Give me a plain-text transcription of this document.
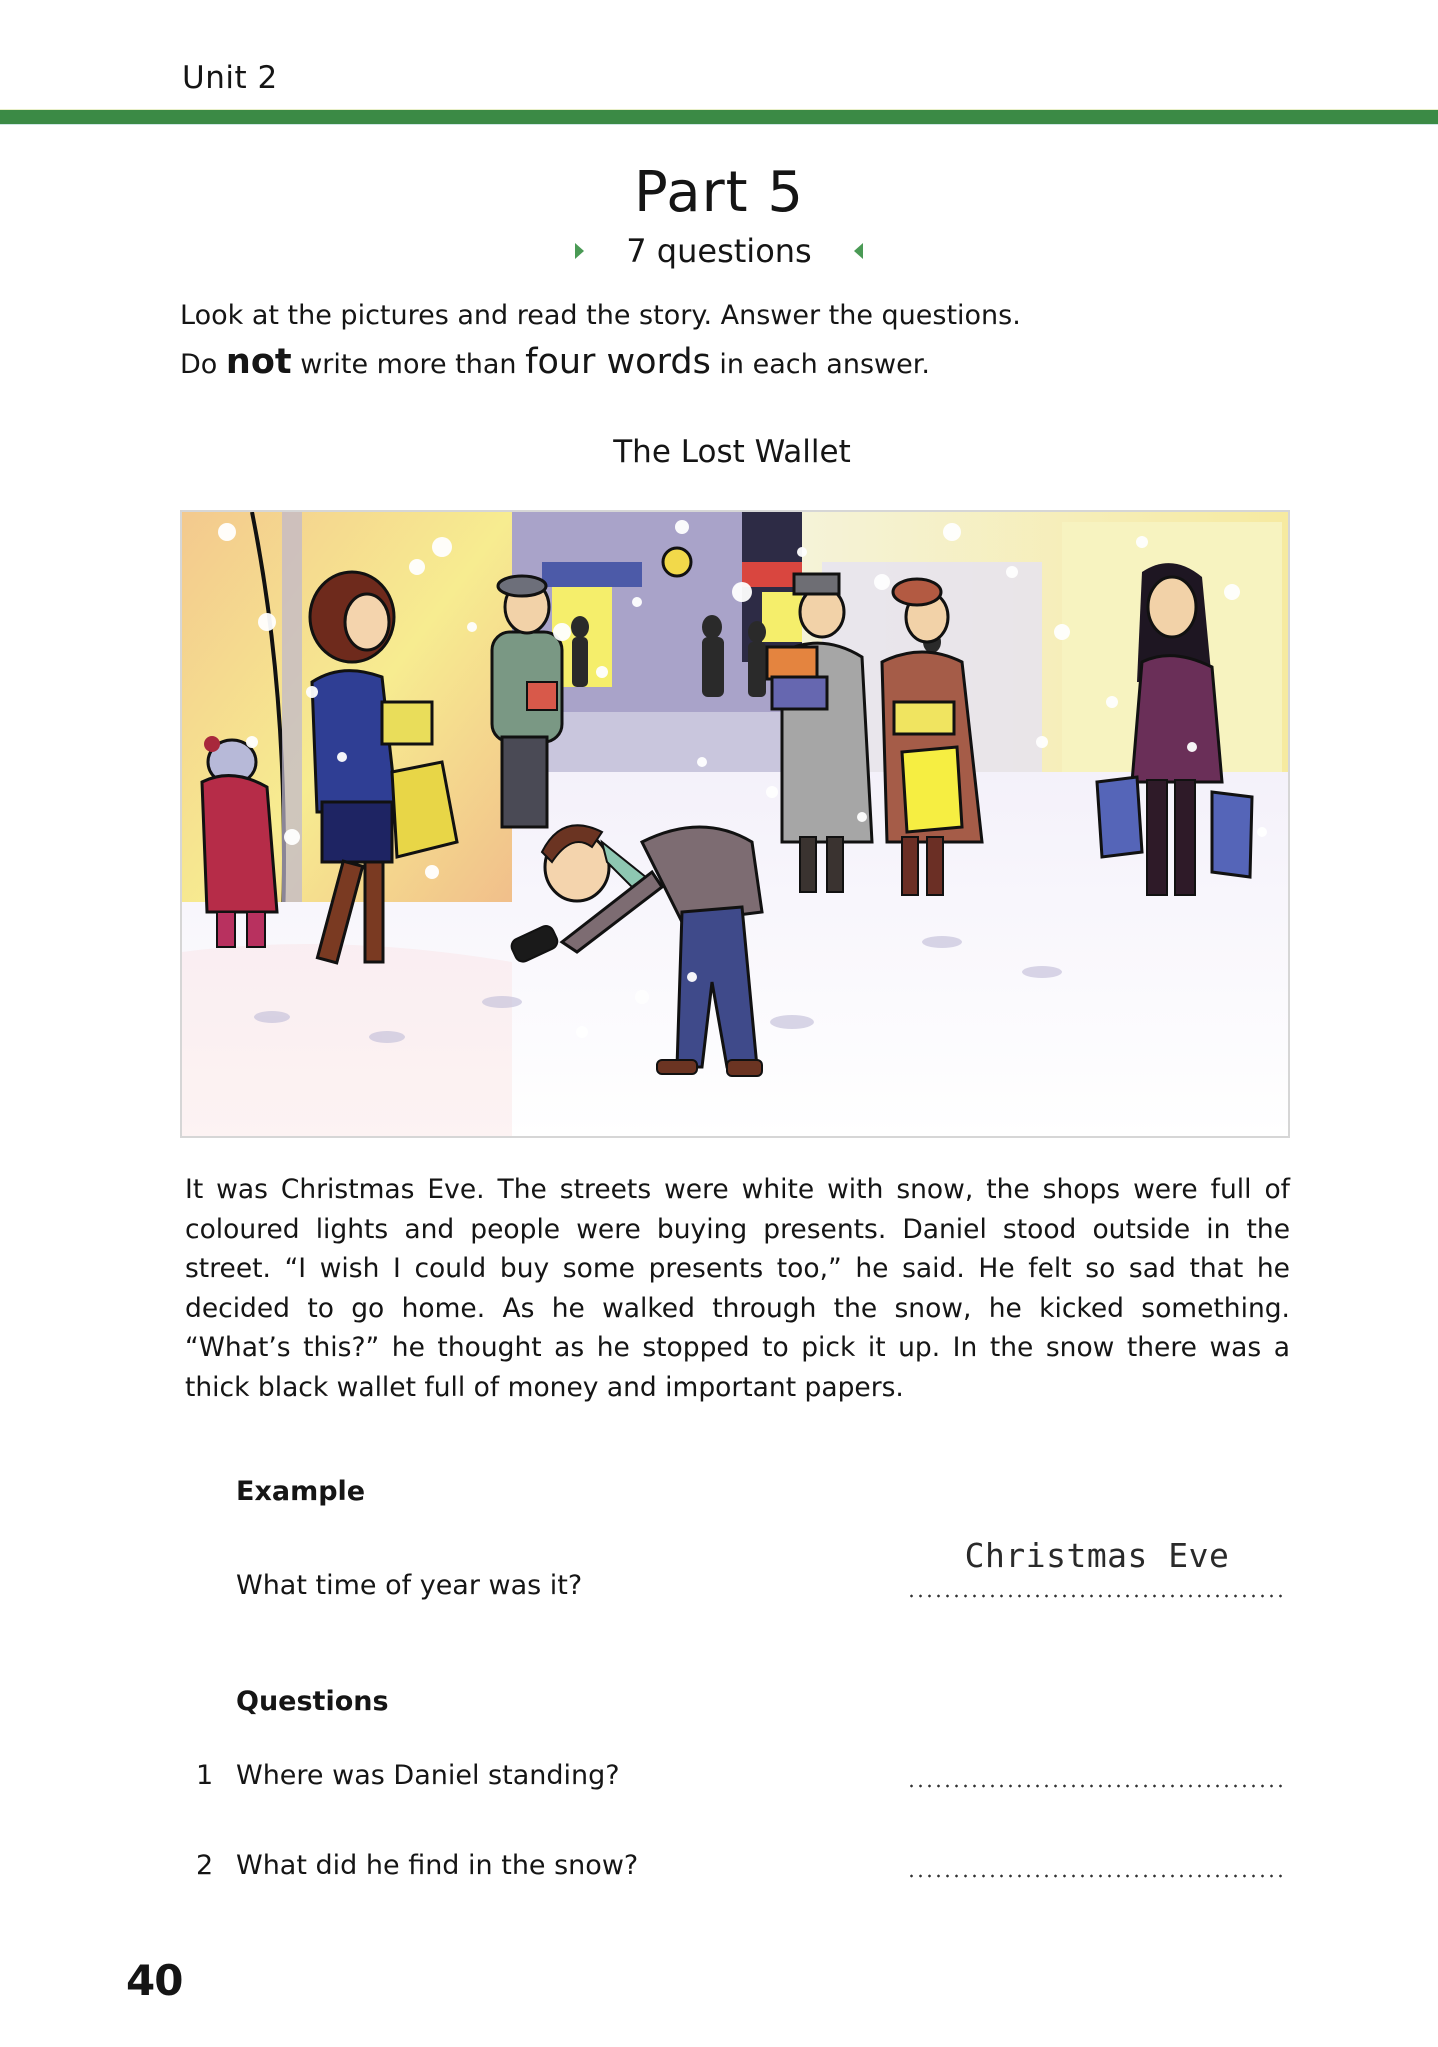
Unit 2
Part 5
7 questions
Look at the pictures and read the story. Answer the questions.
Do not write more than four words in each answer.
The Lost Wallet
It was Christmas Eve. The streets were white with snow, the shops were full of coloured lights and people were buying presents. Daniel stood outside in the street. “I wish I could buy some presents too,” he said. He felt so sad that he decided to go home. As he walked through the snow, he kicked something. “What’s this?” he thought as he stopped to pick it up. In the snow there was a thick black wallet full of money and important papers.
Example
What time of year was it?
Christmas Eve
Questions
1 Where was Daniel standing?
2 What did he find in the snow?
40
